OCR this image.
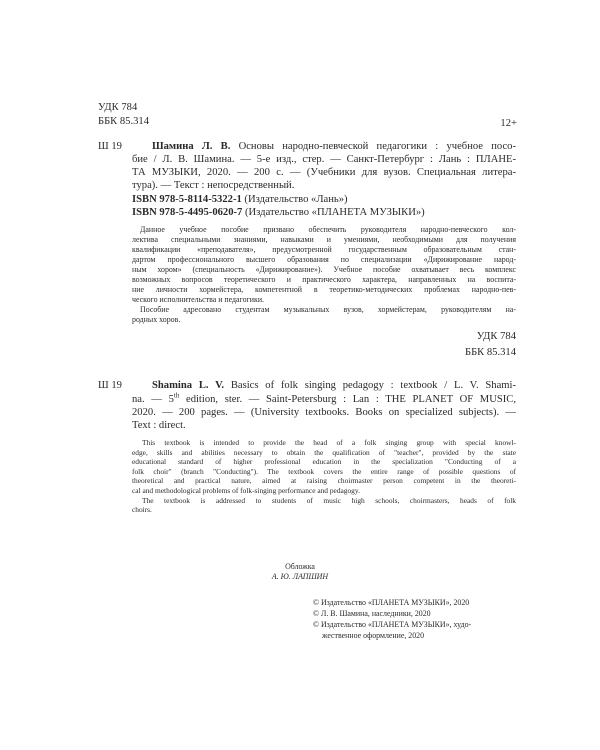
УДК 784
ББК 85.314	12+
Ш 19	Шамина Л. В. Основы народно-певческой педагогики : учебное посо-
бие / Л. В. Шамина. — 5-е изд., стер. — Санкт-Петербург : Лань : ПЛАНЕ-
ТА МУЗЫКИ, 2020. — 200 с. — (Учебники для вузов. Специальная литера-
тура). — Текст : непосредственный.
ISBN 978-5-8114-5322-1 (Издательство «Лань»)
ISBN 978-5-4495-0620-7 (Издательство «ПЛАНЕТА МУЗЫКИ»)
Данное учебное пособие призвано обеспечить руководителя народно-певческого кол-
лектива специальными знаниями, навыками и умениями, необходимыми для получения
квалификации «преподавателя», предусмотренной государственным образовательным стан-
дартом профессионального высшего образования по специализации «Дирижирование народ-
ным хором» (специальность «Дирижирование»). Учебное пособие охватывает весь комплекс
возможных вопросов теоретического и практического характера, направленных на воспита-
ние личности хормейстера, компетентной в теоретико-методических проблемах народно-пев-
ческого исполнительства и педагогики.
Пособие адресовано студентам музыкальных вузов, хормейстерам, руководителям на-
родных хоров.
УДК 784
ББК 85.314
Ш 19	Shamina L. V. Basics of folk singing pedagogy : textbook / L. V. Shami-
na. — 5th edition, ster. — Saint-Petersburg : Lan : THE PLANET OF MUSIC,
2020. — 200 pages. — (University textbooks. Books on specialized subjects). —
Text : direct.
This textbook is intended to provide the head of a folk singing group with special knowl-
edge, skills and abilities necessary to obtain the qualification of "teacher", provided by the state
educational standard of higher professional education in the specialization "Conducting of a
folk choir" (branch "Conducting"). The textbook covers the entire range of possible questions of
theoretical and practical nature, aimed at raising choirmaster person competent in the theoreti-
cal and methodological problems of folk-singing performance and pedagogy.
The textbook is addressed to students of music high schools, choirmasters, heads of folk
choirs.
Обложка
А. Ю. ЛАПШИН
© Издательство «ПЛАНЕТА МУЗЫКИ», 2020
© Л. В. Шамина, наследники, 2020
© Издательство «ПЛАНЕТА МУЗЫКИ», худо-
жественное оформление, 2020
